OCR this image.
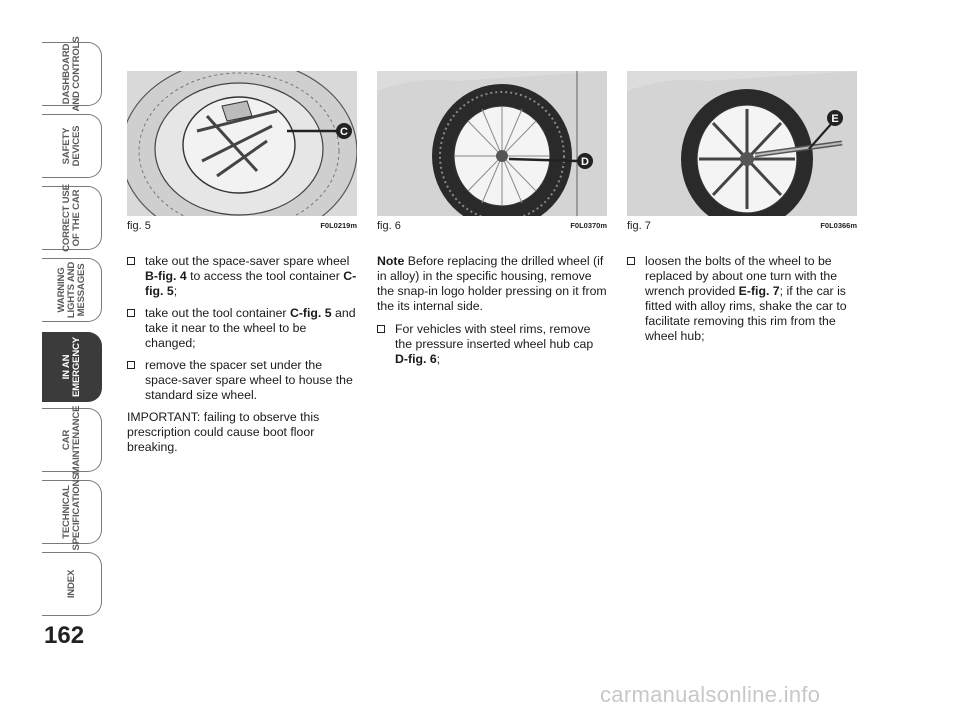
DASHBOARD
AND CONTROLS
SAFETY
DEVICES
CORRECT USE
OF THE CAR
WARNING
LIGHTS AND
MESSAGES
IN AN
EMERGENCY
CAR
MAINTENANCE
TECHNICAL
SPECIFICATIONS
INDEX
162
C
fig. 5	F0L0219m
D
fig. 6	F0L0370m
E
fig. 7	F0L0366m
take out the space-saver spare wheel B-fig. 4 to access the tool container C-fig. 5;
take out the tool container C-fig. 5 and take it near to the wheel to be changed;
remove the spacer set under the space-saver spare wheel to house the standard size wheel.
IMPORTANT: failing to observe this prescription could cause boot floor breaking.
Note Before replacing the drilled wheel (if in alloy) in the specific housing, remove the snap-in logo holder pressing on it from the its internal side.
For vehicles with steel rims, remove the pressure inserted wheel hub cap D-fig. 6;
loosen the bolts of the wheel to be replaced by about one turn with the wrench provided E-fig. 7; if the car is fitted with alloy rims, shake the car to facilitate removing this rim from the wheel hub;
carmanualsonline.info
